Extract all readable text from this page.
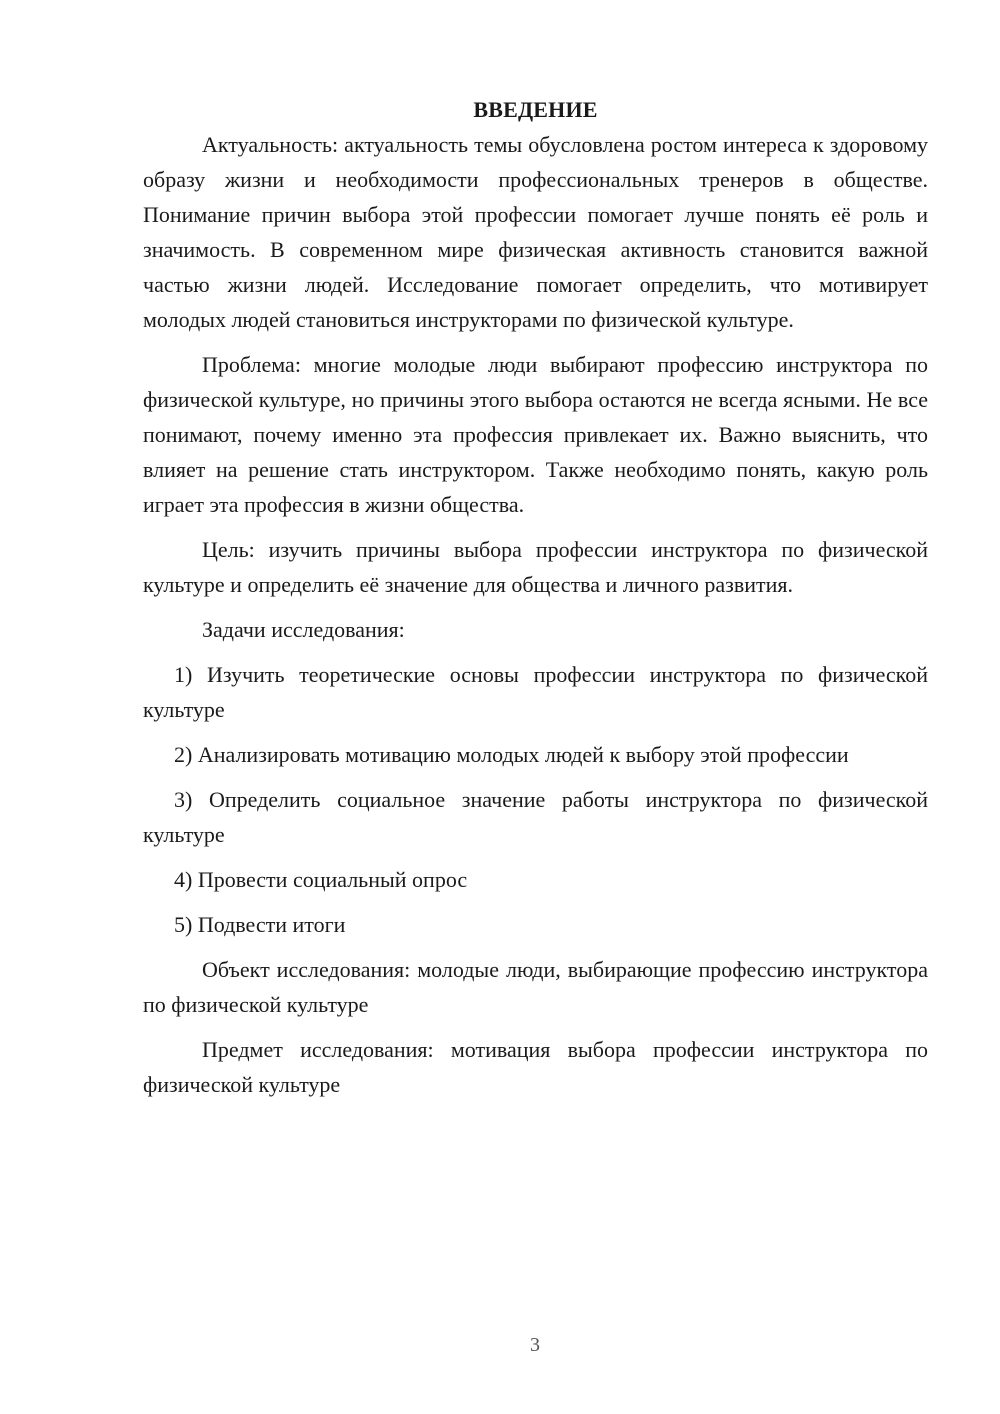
ВВЕДЕНИЕ

Актуальность: актуальность темы обусловлена ростом интереса к здоровому образу жизни и необходимости профессиональных тренеров в обществе. Понимание причин выбора этой профессии помогает лучше понять её роль и значимость. В современном мире физическая активность становится важной частью жизни людей. Исследование помогает определить, что мотивирует молодых людей становиться инструкторами по физической культуре.

Проблема: многие молодые люди выбирают профессию инструктора по физической культуре, но причины этого выбора остаются не всегда ясными. Не все понимают, почему именно эта профессия привлекает их. Важно выяснить, что влияет на решение стать инструктором. Также необходимо понять, какую роль играет эта профессия в жизни общества.

Цель: изучить причины выбора профессии инструктора по физической культуре и определить её значение для общества и личного развития.

Задачи исследования:

1) Изучить теоретические основы профессии инструктора по физической культуре

2) Анализировать мотивацию молодых людей к выбору этой профессии

3) Определить социальное значение работы инструктора по физической культуре

4) Провести социальный опрос

5) Подвести итоги

Объект исследования: молодые люди, выбирающие профессию инструктора по физической культуре

Предмет исследования: мотивация выбора профессии инструктора по физической культуре

3
